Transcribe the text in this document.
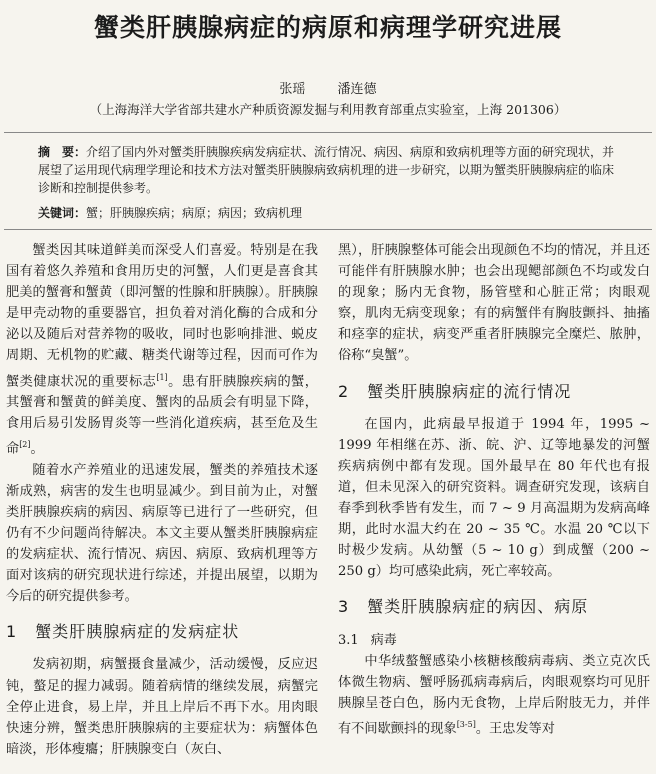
蟹类肝胰腺病症的病原和病理学研究进展
张瑶 潘连德
（上海海洋大学省部共建水产种质资源发掘与利用教育部重点实验室，上海 201306）
摘　要：介绍了国内外对蟹类肝胰腺疾病发病症状、流行情况、病因、病原和致病机理等方面的研究现状，并展望了运用现代病理学理论和技术方法对蟹类肝胰腺病致病机理的进一步研究，以期为蟹类肝胰腺病症的临床诊断和控制提供参考。
关键词：蟹；肝胰腺疾病；病原；病因；致病机理

蟹类因其味道鲜美而深受人们喜爱。特别是在我国有着悠久养殖和食用历史的河蟹，人们更是喜食其肥美的蟹膏和蟹黄（即河蟹的性腺和肝胰腺）。肝胰腺是甲壳动物的重要器官，担负着对消化酶的合成和分泌以及随后对营养物的吸收，同时也影响排泄、蜕皮周期、无机物的贮藏、糖类代谢等过程，因而可作为蟹类健康状况的重要标志[1]。患有肝胰腺疾病的蟹，其蟹膏和蟹黄的鲜美度、蟹肉的品质会有明显下降，食用后易引发肠胃炎等一些消化道疾病，甚至危及生命[2]。

随着水产养殖业的迅速发展，蟹类的养殖技术逐渐成熟，病害的发生也明显减少。到目前为止，对蟹类肝胰腺疾病的病因、病原等已进行了一些研究，但仍有不少问题尚待解决。本文主要从蟹类肝胰腺病症的发病症状、流行情况、病因、病原、致病机理等方面对该病的研究现状进行综述，并提出展望，以期为今后的研究提供参考。

1 蟹类肝胰腺病症的发病症状

发病初期，病蟹摄食量减少，活动缓慢，反应迟钝，螯足的握力减弱。随着病情的继续发展，病蟹完全停止进食，易上岸，并且上岸后不再下水。用肉眼快速分辨，蟹类患肝胰腺病的主要症状为：病蟹体色暗淡，形体瘦癟；肝胰腺变白（灰白、

黑），肝胰腺整体可能会出现颜色不均的情况，并且还可能伴有肝胰腺水肿；也会出现鳃部颜色不均或发白的现象；肠内无食物，肠管壁和心脏正常；肉眼观察，肌肉无病变现象；有的病蟹伴有胸肢颤抖、抽搐和痉挛的症状，病变严重者肝胰腺完全糜烂、脓肿，俗称“臭蟹”。

2 蟹类肝胰腺病症的流行情况

在国内，此病最早报道于 1994 年，1995 ~ 1999 年相继在苏、浙、皖、沪、辽等地暴发的河蟹疾病病例中都有发现。国外最早在 80 年代也有报道，但未见深入的研究资料。调查研究发现，该病自春季到秋季皆有发生，而 7 ~ 9 月高温期为发病高峰期，此时水温大约在 20 ~ 35 ℃。水温 20 ℃以下时极少发病。从幼蟹（5 ~ 10 g）到成蟹（200 ~ 250 g）均可感染此病，死亡率较高。

3 蟹类肝胰腺病症的病因、病原
3.1 病毒

中华绒螯蟹感染小核糖核酸病毒病、类立克次氏体微生物病、蟹呼肠孤病毒病后，肉眼观察均可见肝胰腺呈苍白色，肠内无食物，上岸后附肢无力，并伴有不间歇颤抖的现象[3-5]。王忠发等对
